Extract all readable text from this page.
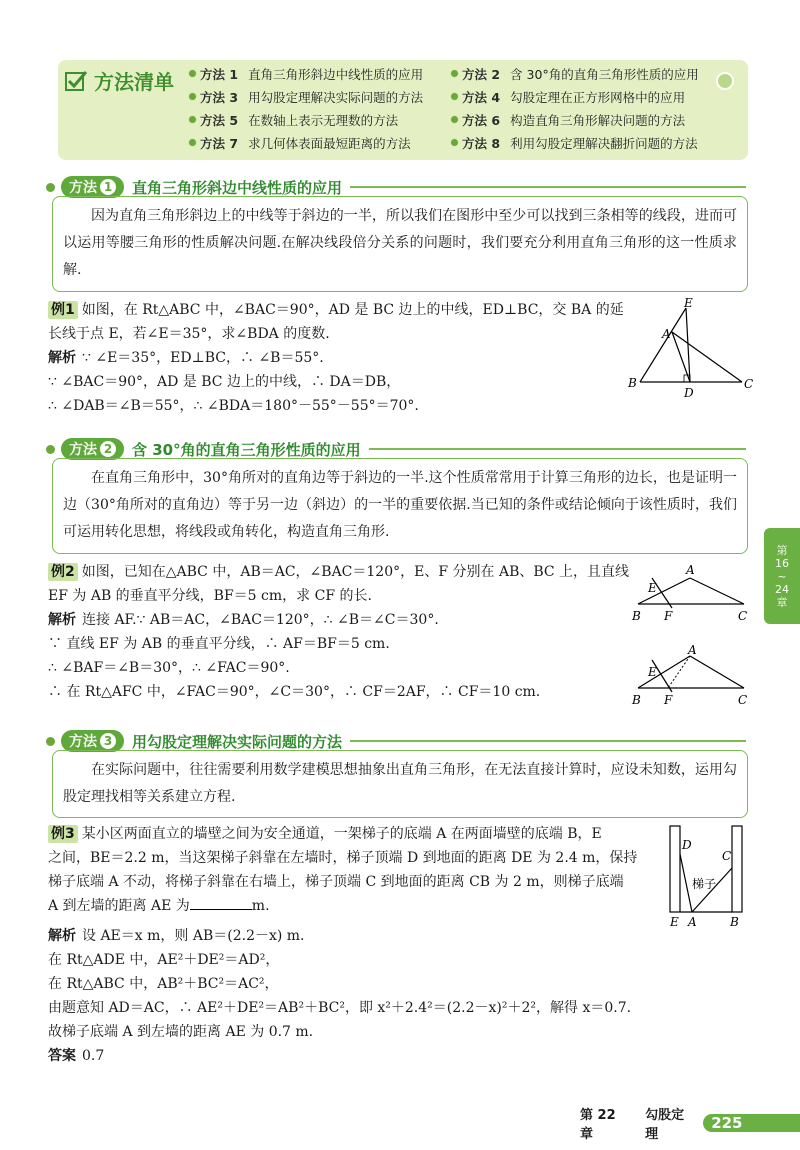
方法清单 方法 1 直角三角形斜边中线性质的应用	方法 2 含 30°角的直角三角形性质的应用
方法 3 用勾股定理解决实际问题的方法	方法 4 勾股定理在正方形网格中的应用
方法 5 在数轴上表示无理数的方法	方法 6 构造直角三角形解决问题的方法
方法 7 求几何体表面最短距离的方法	方法 8 利用勾股定理解决翻折问题的方法
方法 1 直角三角形斜边中线性质的应用
因为直角三角形斜边上的中线等于斜边的一半，所以我们在图形中至少可以找到三条相等的线段，进而可以运用等腰三角形的性质解决问题.在解决线段倍分关系的问题时，我们要充分利用直角三角形的这一性质求解.
例1 如图，在 Rt△ABC 中，∠BAC＝90°，AD 是 BC 边上的中线，ED⊥BC，交 BA 的延
长线于点 E，若∠E＝35°，求∠BDA 的度数.
解析 ∵ ∠E＝35°，ED⊥BC，∴ ∠B＝55°.
∵ ∠BAC＝90°，AD 是 BC 边上的中线，∴ DA＝DB，
∴ ∠DAB＝∠B＝55°，∴ ∠BDA＝180°－55°－55°＝70°.
E
A
B
D
C
方法 2 含 30°角的直角三角形性质的应用
在直角三角形中，30°角所对的直角边等于斜边的一半.这个性质常常用于计算三角形的边长，也是证明一边（30°角所对的直角边）等于另一边（斜边）的一半的重要依据.当已知的条件或结论倾向于该性质时，我们可运用转化思想，将线段或角转化，构造直角三角形.
例2 如图，已知在△ABC 中，AB＝AC，∠BAC＝120°，E、F 分别在 AB、BC 上，且直线
EF 为 AB 的垂直平分线，BF＝5 cm，求 CF 的长.
解析 连接 AF.∵ AB＝AC，∠BAC＝120°，∴ ∠B＝∠C＝30°.
∵ 直线 EF 为 AB 的垂直平分线，∴ AF＝BF＝5 cm.
∴ ∠BAF＝∠B＝30°，∴ ∠FAC＝90°.
∴ 在 Rt△AFC 中，∠FAC＝90°，∠C＝30°，∴ CF＝2AF，∴ CF＝10 cm.
A
E
B F	C
A
E
B F	C
方法 3 用勾股定理解决实际问题的方法
在实际问题中，往往需要利用数学建模思想抽象出直角三角形，在无法直接计算时，应设未知数，运用勾股定理找相等关系建立方程.
例3 某小区两面直立的墙壁之间为安全通道，一架梯子的底端 A 在两面墙壁的底端 B，E
之间，BE＝2.2 m，当这架梯子斜靠在左墙时，梯子顶端 D 到地面的距离 DE 为 2.4 m，保持
梯子底端 A 不动，将梯子斜靠在右墙上，梯子顶端 C 到地面的距离 CB 为 2 m，则梯子底端
A 到左墙的距离 AE 为	m.
解析 设 AE＝x m，则 AB＝(2.2－x) m.
在 Rt△ADE 中，AE²＋DE²＝AD²，
在 Rt△ABC 中，AB²＋BC²＝AC²，
由题意知 AD＝AC，∴ AE²＋DE²＝AB²＋BC²，即 x²＋2.4²＝(2.2－x)²＋2²，解得 x＝0.7.
故梯子底端 A 到左墙的距离 AE 为 0.7 m.
答案 0.7
D
C
梯子
E A	B
第
16
~
24
章
第 22 章
勾股定理
225
